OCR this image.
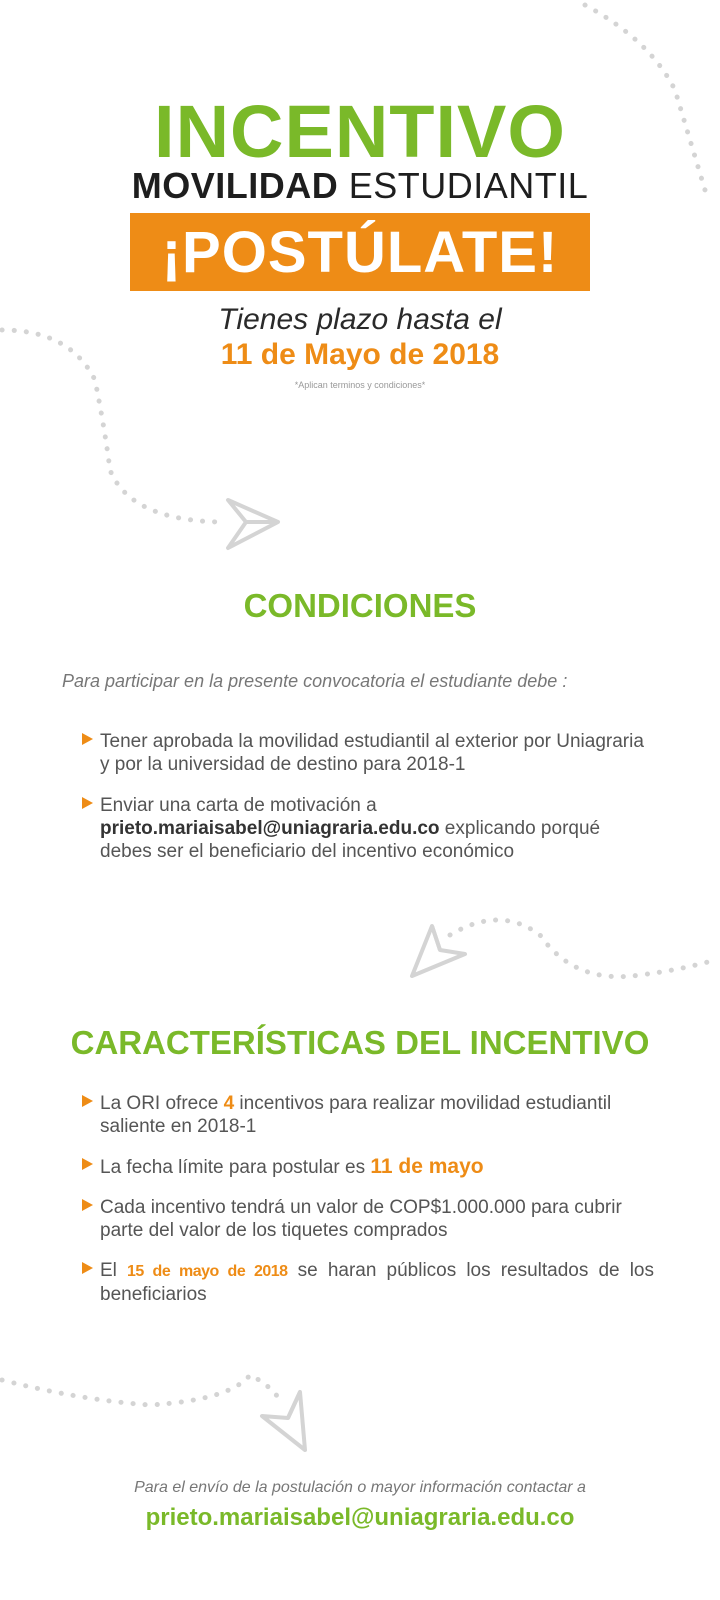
INCENTIVO
MOVILIDAD ESTUDIANTIL
¡POSTÚLATE!
Tienes plazo hasta el
11 de Mayo de 2018
*Aplican terminos y condiciones*
CONDICIONES
Para participar en la presente convocatoria el estudiante debe :
Tener aprobada la movilidad estudiantil al exterior por Uniagraria y por la universidad de destino para 2018-1
Enviar una carta de motivación a prieto.mariaisabel@uniagraria.edu.co explicando porqué debes ser el beneficiario del incentivo económico
CARACTERÍSTICAS DEL INCENTIVO
La ORI ofrece 4 incentivos para realizar movilidad estudiantil saliente en 2018-1
La fecha límite para postular es 11 de mayo
Cada incentivo tendrá un valor de COP$1.000.000 para cubrir parte del valor de los tiquetes comprados
El 15 de mayo de 2018 se haran públicos los resultados de los beneficiarios
Para el envío de la postulación o mayor información contactar a
prieto.mariaisabel@uniagraria.edu.co
